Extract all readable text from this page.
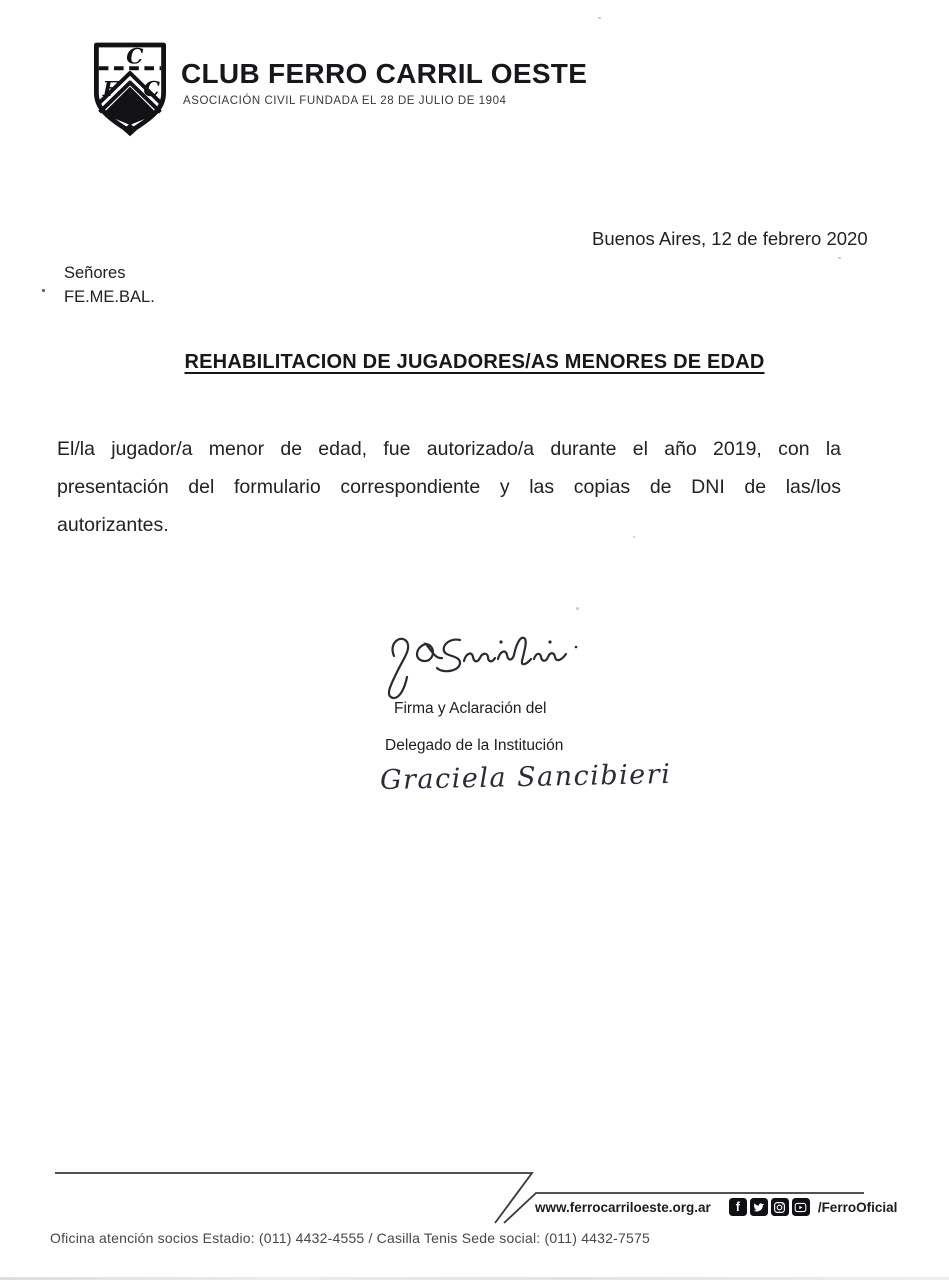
C
F C CLUB FERRO CARRIL OESTE
ASOCIACIÓN CIVIL FUNDADA EL 28 DE JULIO DE 1904
Buenos Aires, 12 de febrero 2020
Señores
FE.ME.BAL.
REHABILITACION DE JUGADORES/AS MENORES DE EDAD
El/la jugador/a menor de edad, fue autorizado/a durante el año 2019, con la presentación del formulario correspondiente y las copias de DNI de las/los autorizantes.
Firma y Aclaración del
Delegado de la Institución
Graciela Sancibieri
www.ferrocarriloeste.org.ar	f	/FerroOficial
Oficina atención socios Estadio: (011) 4432-4555 / Casilla Tenis Sede social: (011) 4432-7575
